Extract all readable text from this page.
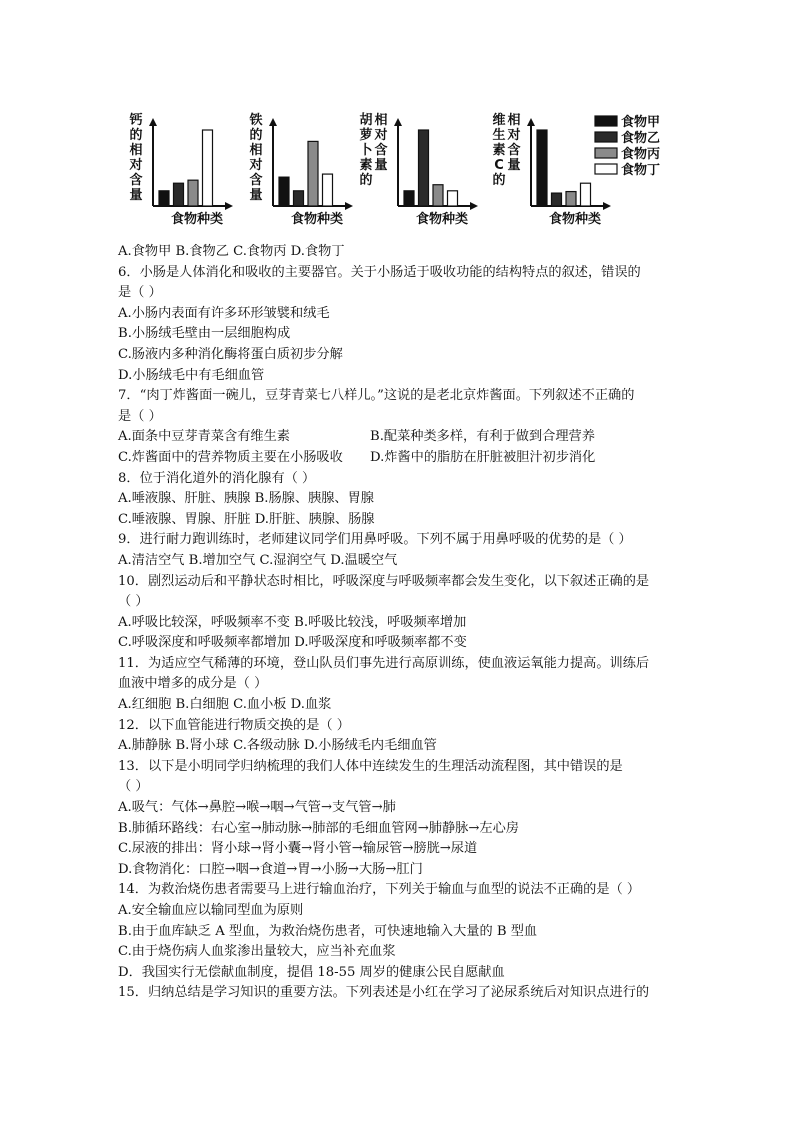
钙
的
相
对
含
量
食物种类
铁
的
相
对
含
量
食物种类
胡
萝
卜
素
的
相
对
含
量
食物种类
维
生
素
C
的
相
对
含
量
食物种类
食物甲
食物乙
食物丙
食物丁
A.食物甲 B.食物乙 C.食物丙 D.食物丁
6．小肠是人体消化和吸收的主要器官。关于小肠适于吸收功能的结构特点的叙述，错误的
是（ ）
A.小肠内表面有许多环形皱襞和绒毛
B.小肠绒毛壁由一层细胞构成
C.肠液内多种消化酶将蛋白质初步分解
D.小肠绒毛中有毛细血管
7．“肉丁炸酱面一碗儿，豆芽青菜七八样儿。”这说的是老北京炸酱面。下列叙述不正确的
是（ ）
A.面条中豆芽青菜含有维生素	B.配菜种类多样，有利于做到合理营养
C.炸酱面中的营养物质主要在小肠吸收	D.炸酱中的脂肪在肝脏被胆汁初步消化
8．位于消化道外的消化腺有（ ）
A.唾液腺、肝脏、胰腺 B.肠腺、胰腺、胃腺
C.唾液腺、胃腺、肝脏 D.肝脏、胰腺、肠腺
9．进行耐力跑训练时，老师建议同学们用鼻呼吸。下列不属于用鼻呼吸的优势的是（ ）
A.清洁空气 B.增加空气 C.湿润空气 D.温暖空气
10．剧烈运动后和平静状态时相比，呼吸深度与呼吸频率都会发生变化，以下叙述正确的是
（ ）
A.呼吸比较深，呼吸频率不变 B.呼吸比较浅，呼吸频率增加
C.呼吸深度和呼吸频率都增加 D.呼吸深度和呼吸频率都不变
11．为适应空气稀薄的环境，登山队员们事先进行高原训练，使血液运氧能力提高。训练后
血液中增多的成分是（ ）
A.红细胞 B.白细胞 C.血小板 D.血浆
12．以下血管能进行物质交换的是（ ）
A.肺静脉 B.肾小球 C.各级动脉 D.小肠绒毛内毛细血管
13．以下是小明同学归纳梳理的我们人体中连续发生的生理活动流程图，其中错误的是
（ ）
A.吸气：气体→鼻腔→喉→咽→气管→支气管→肺
B.肺循环路线：右心室→肺动脉→肺部的毛细血管网→肺静脉→左心房
C.尿液的排出：肾小球→肾小囊→肾小管→输尿管→膀胱→尿道
D.食物消化：口腔→咽→食道→胃→小肠→大肠→肛门
14．为救治烧伤患者需要马上进行输血治疗，下列关于输血与血型的说法不正确的是（ ）
A.安全输血应以输同型血为原则
B.由于血库缺乏 A 型血，为救治烧伤患者，可快速地输入大量的 B 型血
C.由于烧伤病人血浆渗出量较大，应当补充血浆
D．我国实行无偿献血制度，提倡 18-55 周岁的健康公民自愿献血
15．归纳总结是学习知识的重要方法。下列表述是小红在学习了泌尿系统后对知识点进行的
